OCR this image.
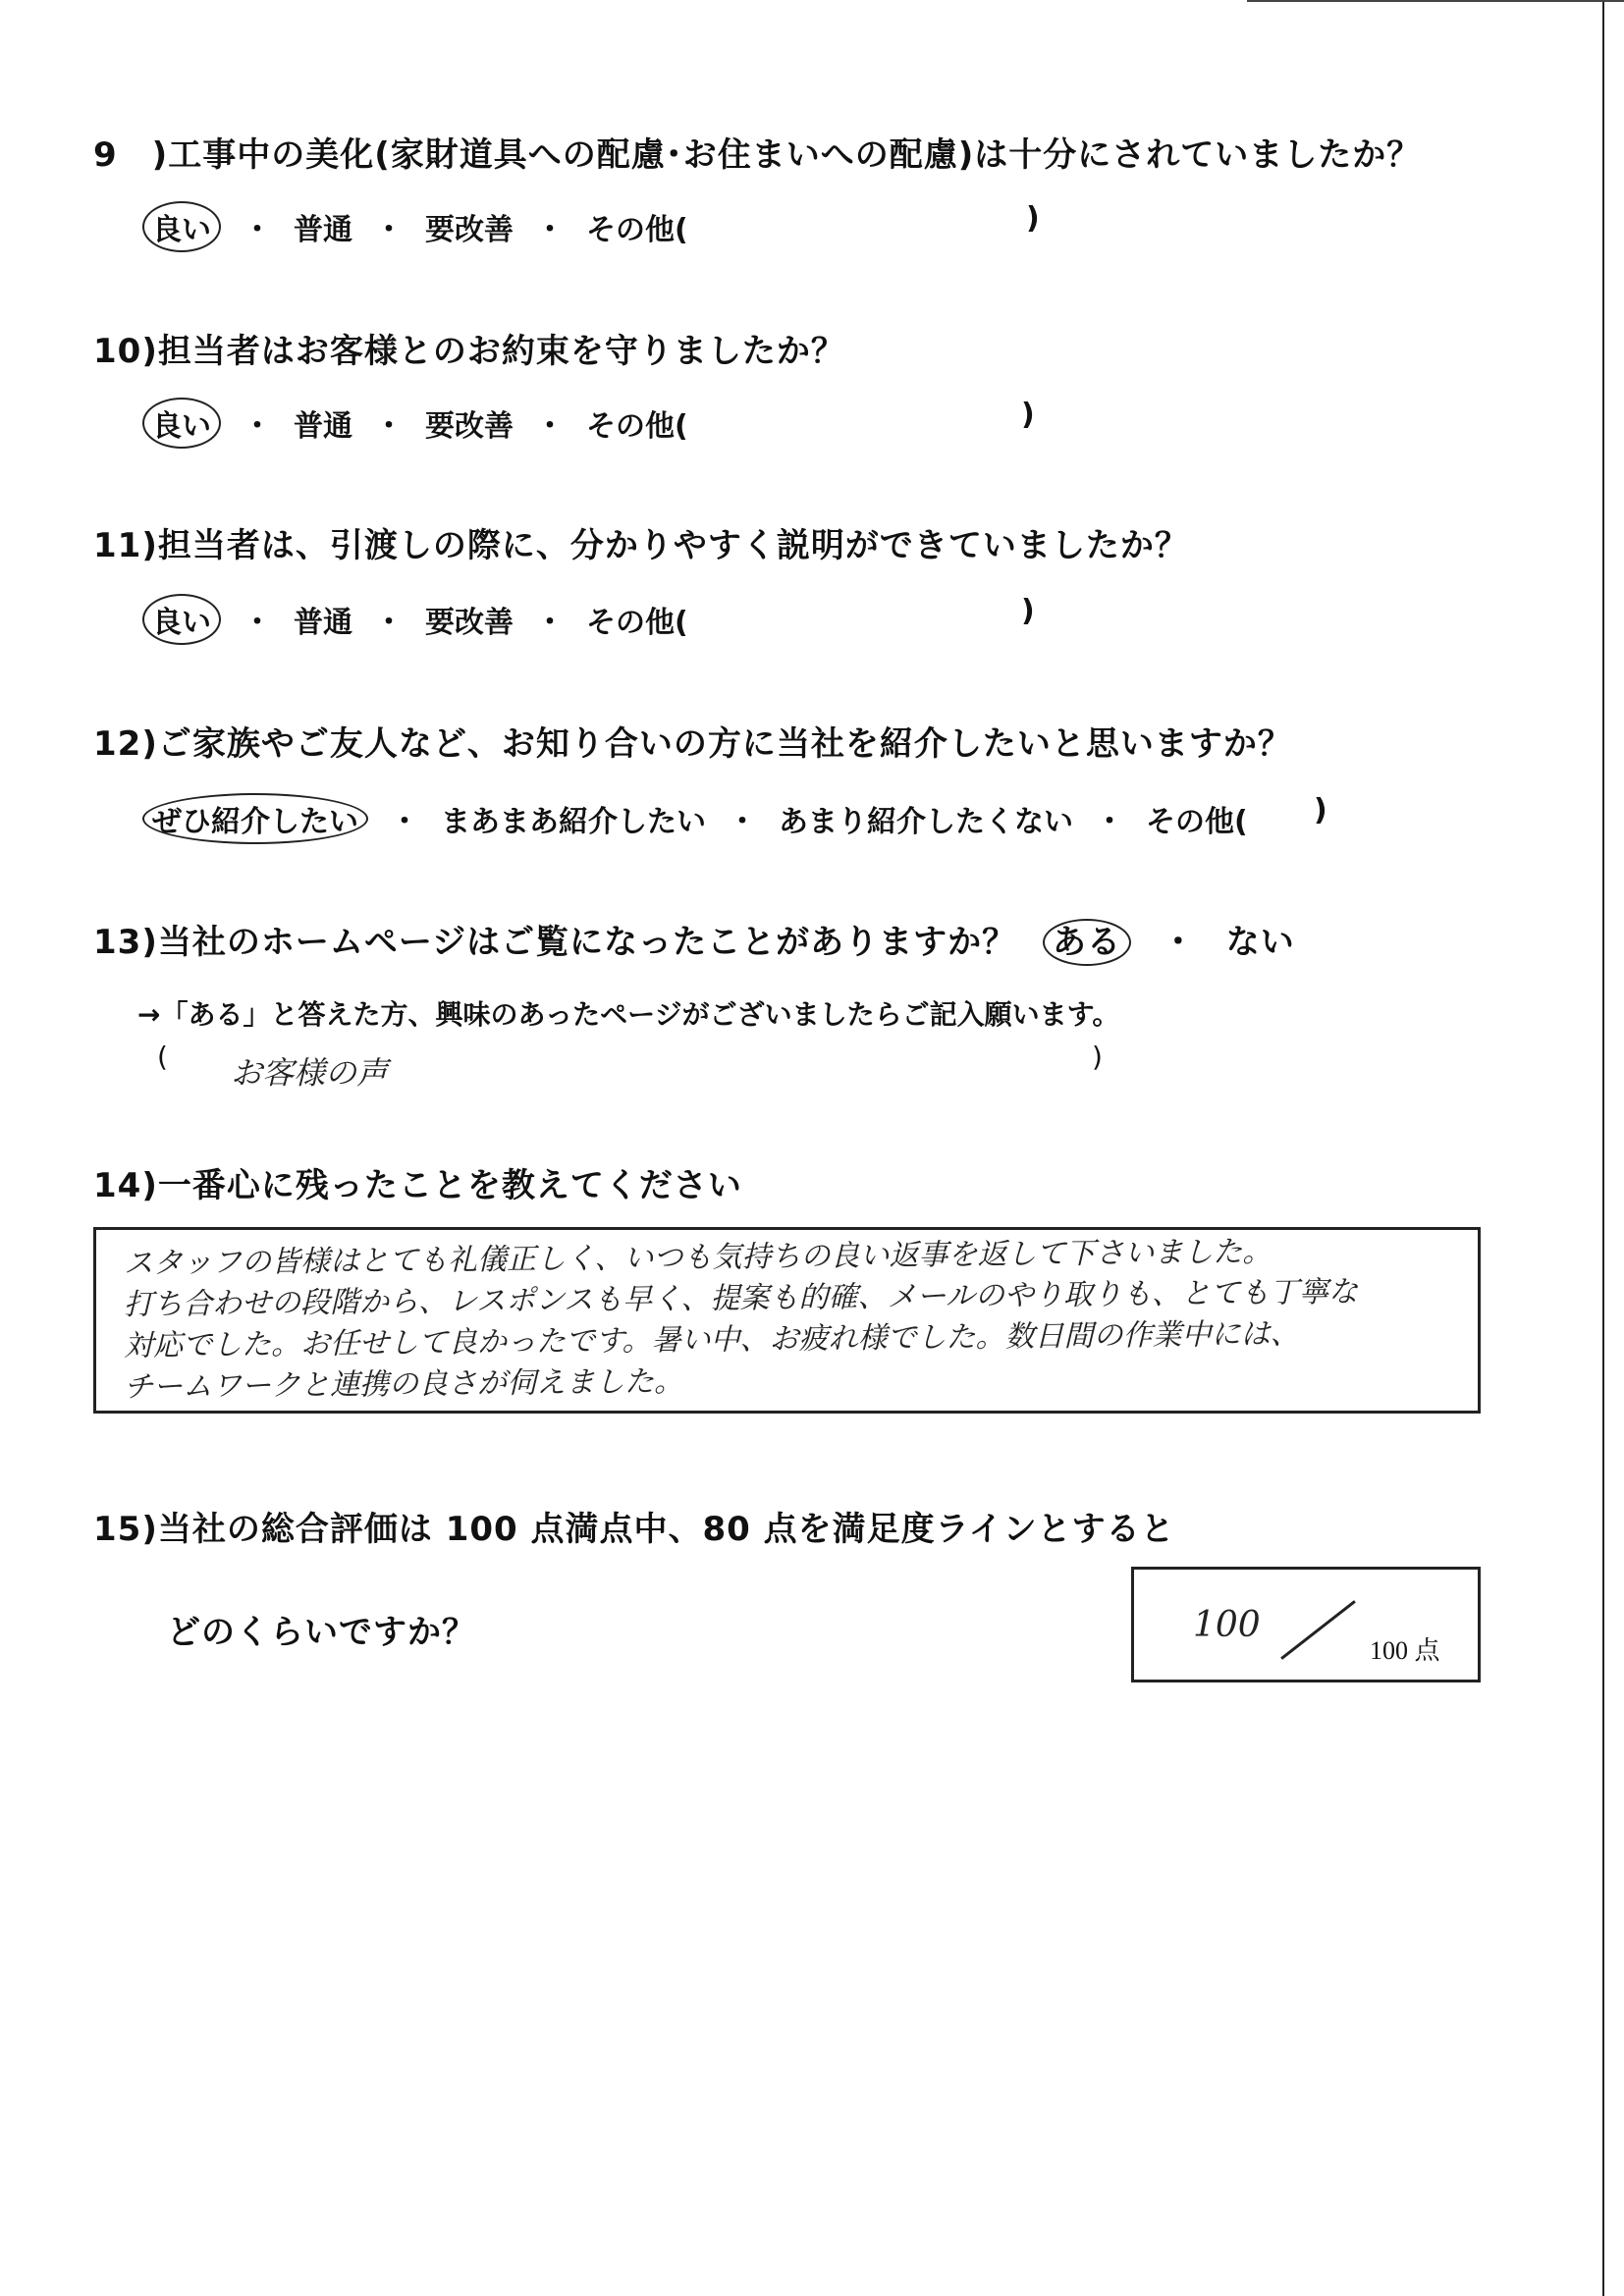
9　)工事中の美化(家財道具への配慮･お住まいへの配慮)は十分にされていましたか？
良い ・ 普通 ・ 要改善 ・ その他(	)
10)担当者はお客様とのお約束を守りましたか？
良い ・ 普通 ・ 要改善 ・ その他(	)
11)担当者は、引渡しの際に、分かりやすく説明ができていましたか？
良い ・ 普通 ・ 要改善 ・ その他(	)
12)ご家族やご友人など、お知り合いの方に当社を紹介したいと思いますか？
ぜひ紹介したい ・ まあまあ紹介したい ・ あまり紹介したくない ・ その他( )
13)当社のホームページはご覧になったことがありますか？ ある ・ ない
→「ある」と答えた方、興味のあったページがございましたらご記入願います。
( お客様の声	)
14)一番心に残ったことを教えてください
スタッフの皆様はとても礼儀正しく、いつも気持ちの良い返事を返して下さいました。
打ち合わせの段階から、レスポンスも早く、提案も的確、メールのやり取りも、とても丁寧な
対応でした。お任せして良かったです。暑い中、お疲れ様でした。数日間の作業中には、
チームワークと連携の良さが伺えました。
15)当社の総合評価は 100 点満点中、80 点を満足度ラインとすると
どのくらいですか？	100
100 点
